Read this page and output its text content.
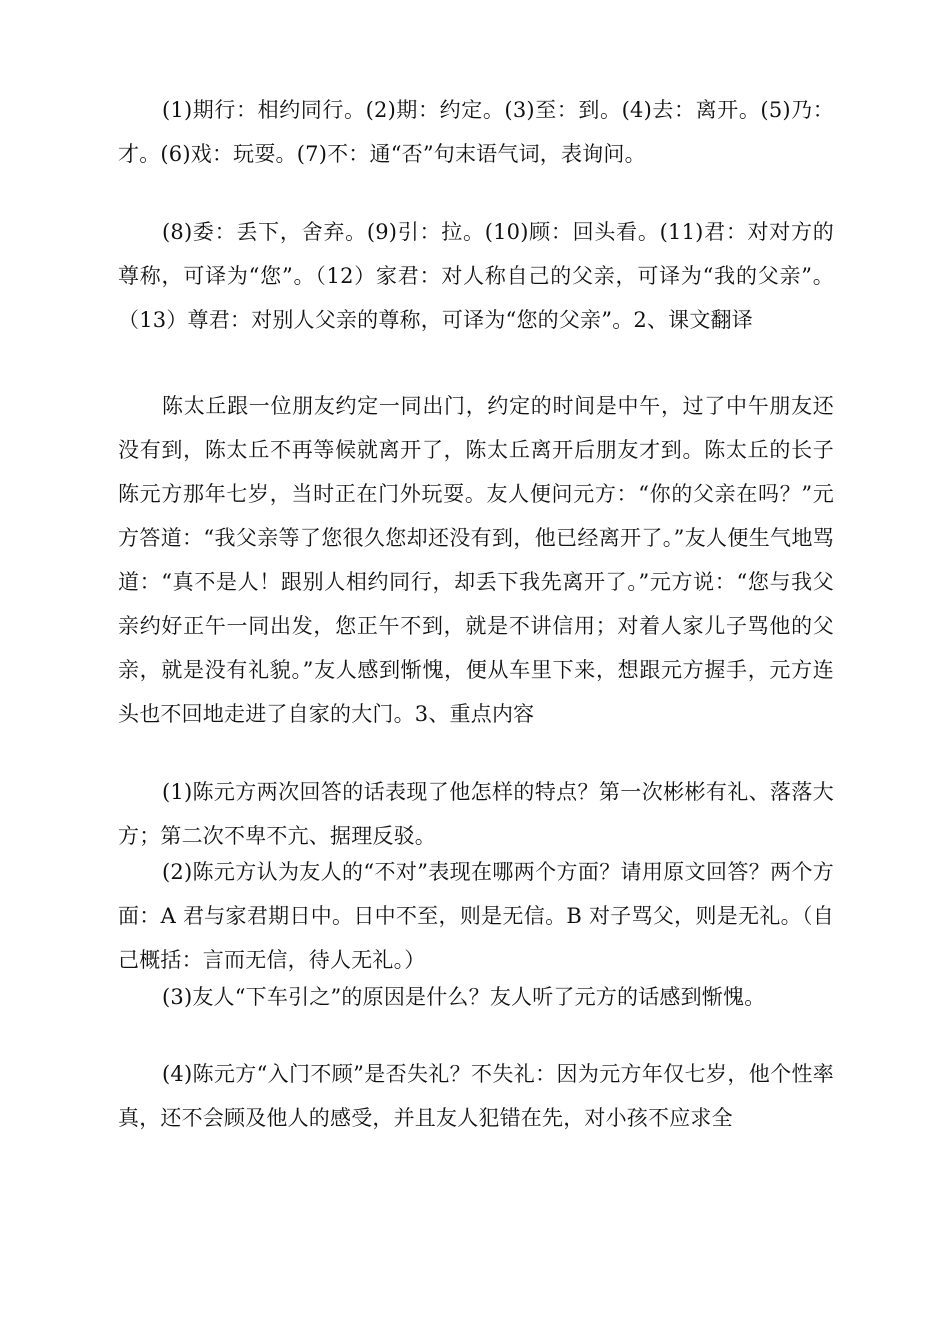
(1)期行：相约同行。(2)期：约定。(3)至：到。(4)去：离开。(5)乃：才。(6)戏：玩耍。(7)不：通“否”句末语气词，表询问。

(8)委：丢下，舍弃。(9)引：拉。(10)顾：回头看。(11)君：对对方的尊称，可译为“您”。（12）家君：对人称自己的父亲，可译为“我的父亲”。（13）尊君：对别人父亲的尊称，可译为“您的父亲”。2、课文翻译

陈太丘跟一位朋友约定一同出门，约定的时间是中午，过了中午朋友还没有到，陈太丘不再等候就离开了，陈太丘离开后朋友才到。陈太丘的长子陈元方那年七岁，当时正在门外玩耍。友人便问元方：“你的父亲在吗？”元方答道：“我父亲等了您很久您却还没有到，他已经离开了。”友人便生气地骂道：“真不是人！跟别人相约同行，却丢下我先离开了。”元方说：“您与我父亲约好正午一同出发，您正午不到，就是不讲信用；对着人家儿子骂他的父亲，就是没有礼貌。”友人感到惭愧，便从车里下来，想跟元方握手，元方连头也不回地走进了自家的大门。3、重点内容

(1)陈元方两次回答的话表现了他怎样的特点？第一次彬彬有礼、落落大方；第二次不卑不亢、据理反驳。

(2)陈元方认为友人的“不对”表现在哪两个方面？请用原文回答？两个方面：A 君与家君期日中。日中不至，则是无信。B 对子骂父，则是无礼。（自己概括：言而无信，待人无礼。）

(3)友人“下车引之”的原因是什么？友人听了元方的话感到惭愧。

(4)陈元方“入门不顾”是否失礼？不失礼：因为元方年仅七岁，他个性率真，还不会顾及他人的感受，并且友人犯错在先，对小孩不应求全
